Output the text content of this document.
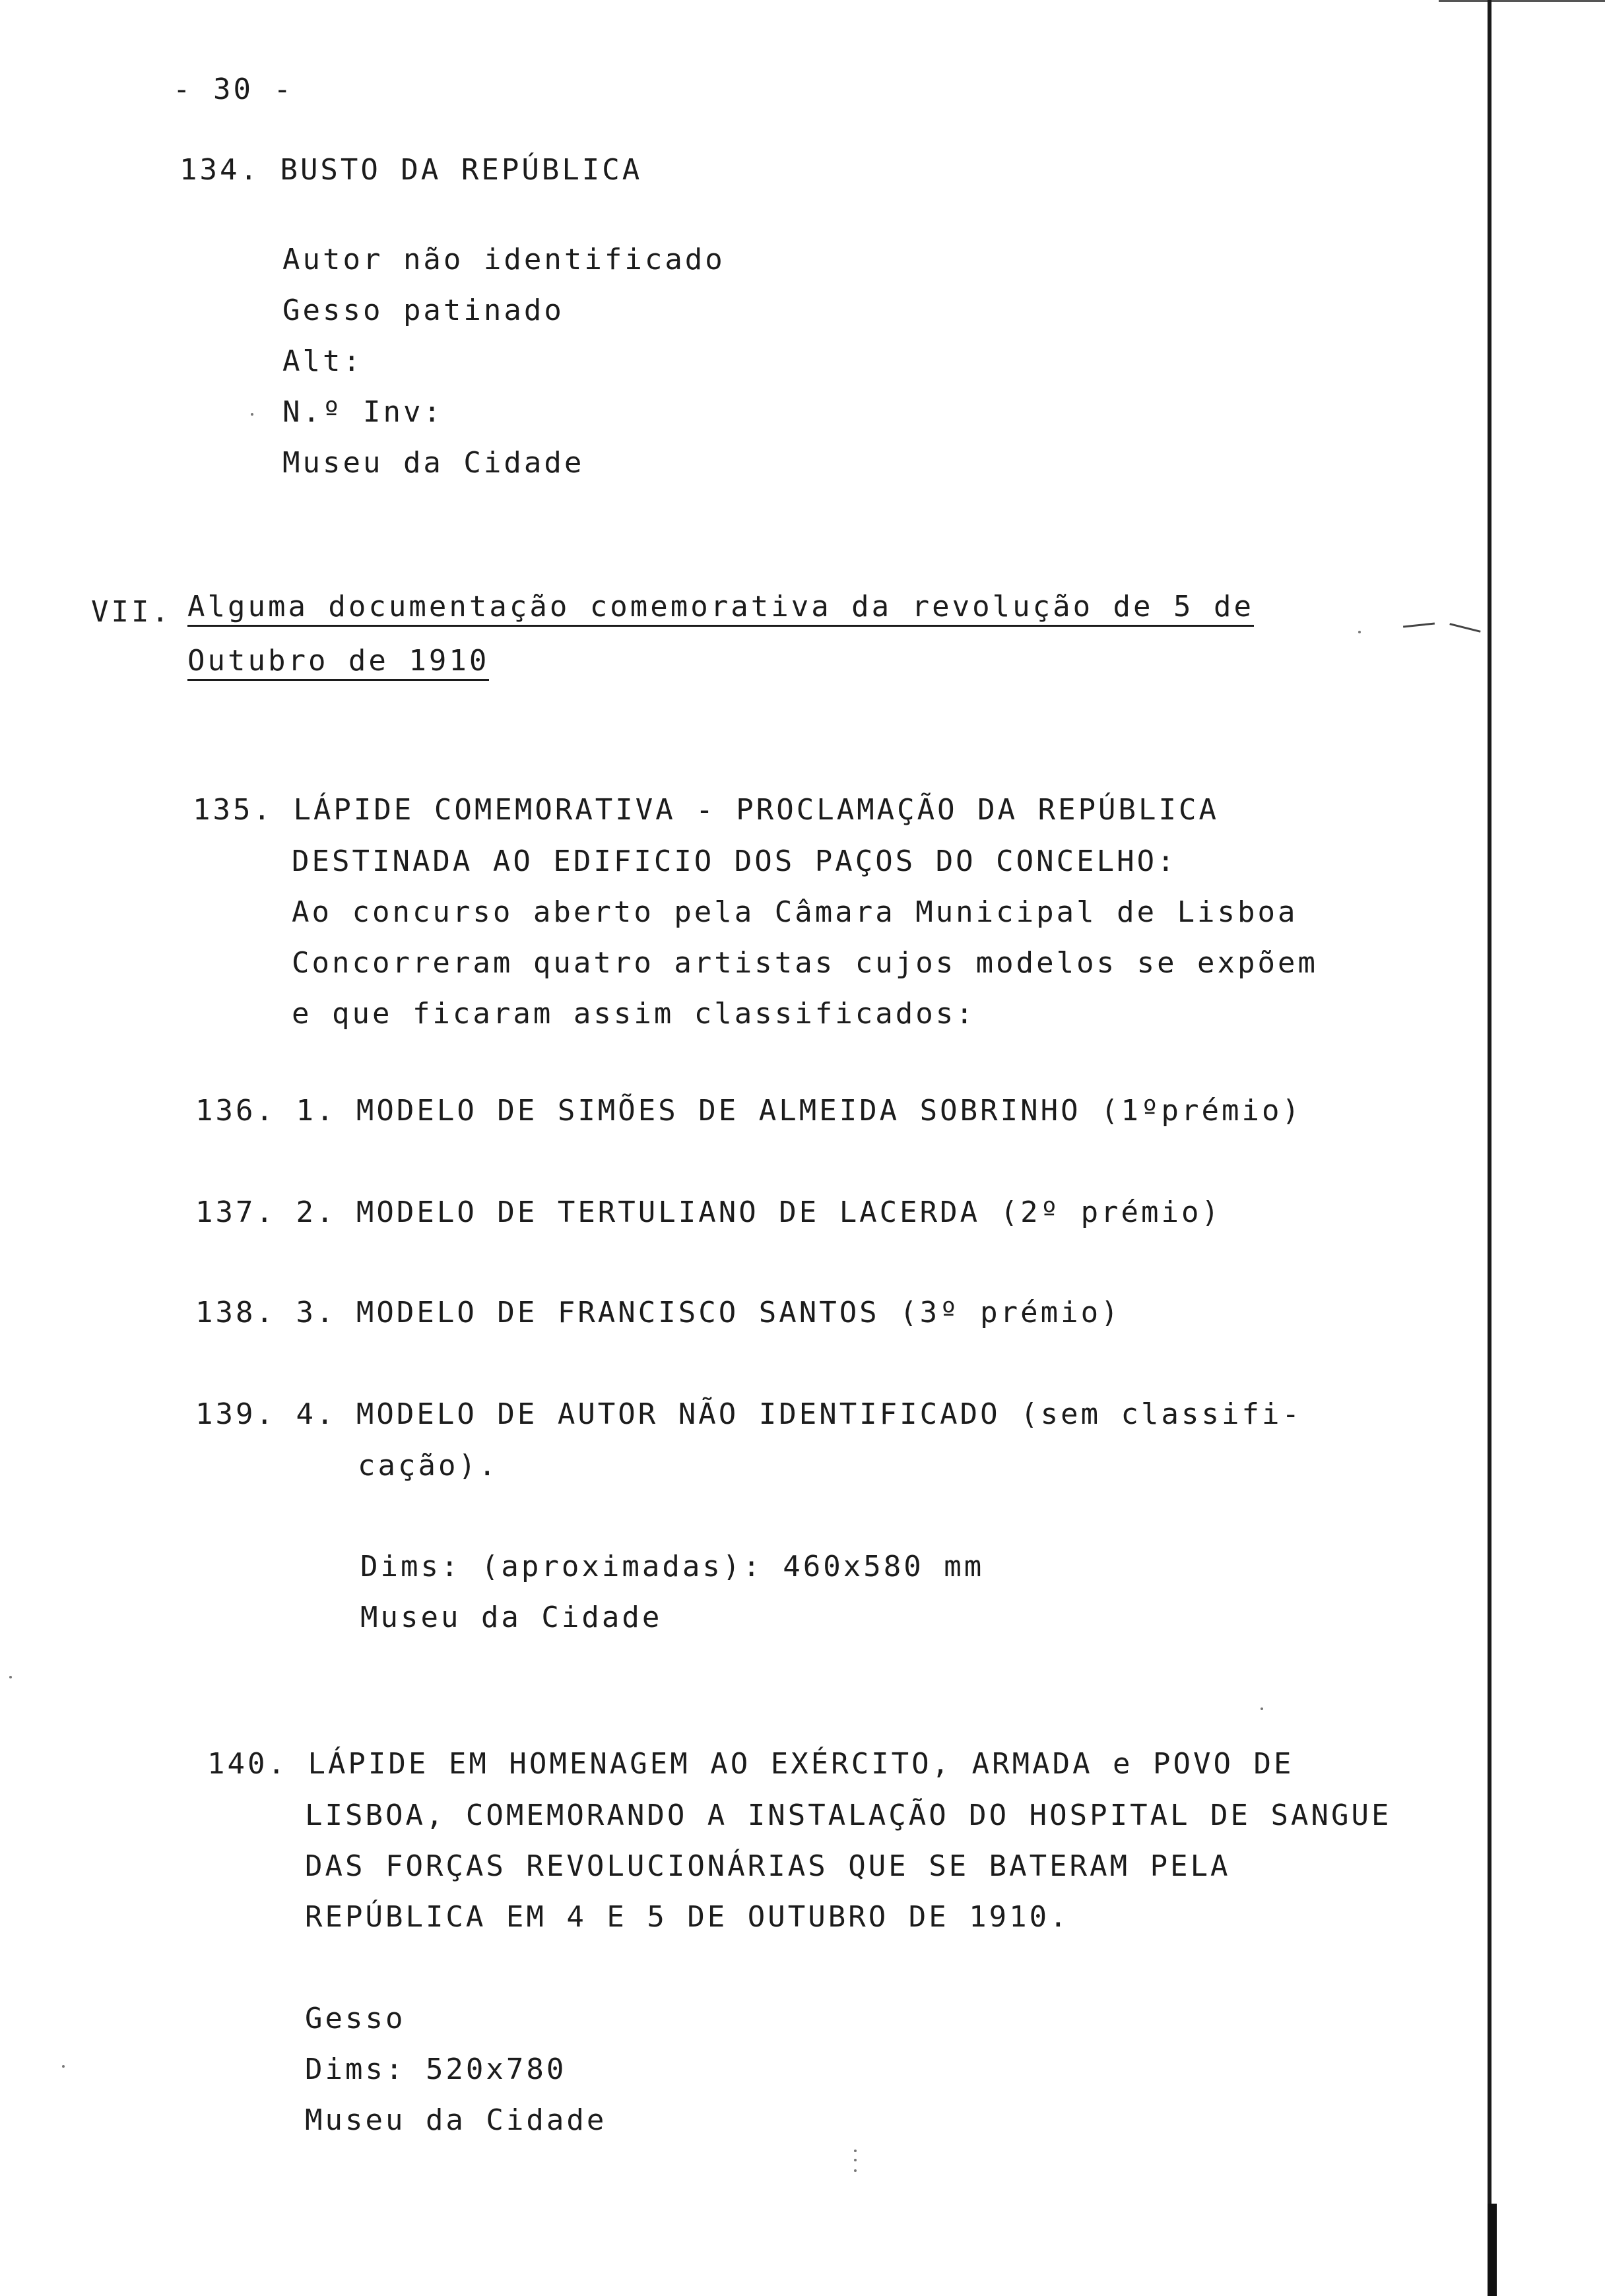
- 30 -
134. BUSTO DA REPÚBLICA
Autor não identificado
Gesso patinado
Alt:
N.º Inv:
Museu da Cidade
VII. Alguma documentação comemorativa da revolução de 5 de
Outubro de 1910
135. LÁPIDE COMEMORATIVA - PROCLAMAÇÃO DA REPÚBLICA
DESTINADA AO EDIFICIO DOS PAÇOS DO CONCELHO:
Ao concurso aberto pela Câmara Municipal de Lisboa
Concorreram quatro artistas cujos modelos se expõem
e que ficaram assim classificados:
136. 1. MODELO DE SIMÕES DE ALMEIDA SOBRINHO (1ºprémio)
137. 2. MODELO DE TERTULIANO DE LACERDA (2º prémio)
138. 3. MODELO DE FRANCISCO SANTOS (3º prémio)
139. 4. MODELO DE AUTOR NÃO IDENTIFICADO (sem classifi-
cação).
Dims: (aproximadas): 460x580 mm
Museu da Cidade
140. LÁPIDE EM HOMENAGEM AO EXÉRCITO, ARMADA e POVO DE
LISBOA, COMEMORANDO A INSTALAÇÃO DO HOSPITAL DE SANGUE
DAS FORÇAS REVOLUCIONÁRIAS QUE SE BATERAM PELA
REPÚBLICA EM 4 E 5 DE OUTUBRO DE 1910.
Gesso
Dims: 520x780
Museu da Cidade
